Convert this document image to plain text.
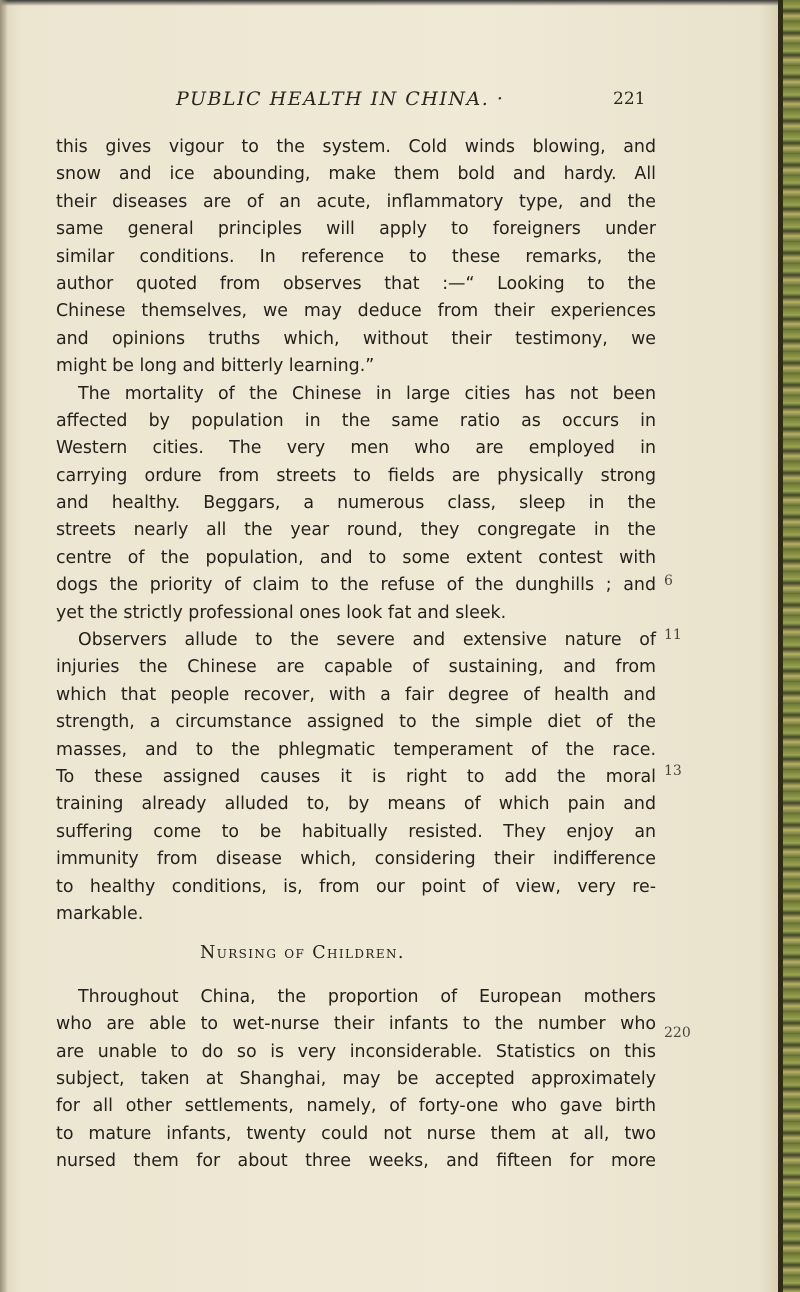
PUBLIC HEALTH IN CHINA. ·	221
this gives vigour to the system. Cold winds blowing, and
snow and ice abounding, make them bold and hardy. All
their diseases are of an acute, inflammatory type, and the
same general principles will apply to foreigners under
similar conditions. In reference to these remarks, the
author quoted from observes that :—“ Looking to the
Chinese themselves, we may deduce from their experiences
and opinions truths which, without their testimony, we
might be long and bitterly learning.”
The mortality of the Chinese in large cities has not been
affected by population in the same ratio as occurs in
Western cities. The very men who are employed in
carrying ordure from streets to fields are physically strong
and healthy. Beggars, a numerous class, sleep in the
streets nearly all the year round, they congregate in the
centre of the population, and to some extent contest with
dogs the priority of claim to the refuse of the dunghills ; and
yet the strictly professional ones look fat and sleek.
Observers allude to the severe and extensive nature of
injuries the Chinese are capable of sustaining, and from
which that people recover, with a fair degree of health and
strength, a circumstance assigned to the simple diet of the
masses, and to the phlegmatic temperament of the race.
To these assigned causes it is right to add the moral
training already alluded to, by means of which pain and
suffering come to be habitually resisted. They enjoy an
immunity from disease which, considering their indifference
to healthy conditions, is, from our point of view, very re-
markable.
Nursing of Children.
Throughout China, the proportion of European mothers
who are able to wet-nurse their infants to the number who
are unable to do so is very inconsiderable. Statistics on this
subject, taken at Shanghai, may be accepted approximately
for all other settlements, namely, of forty-one who gave birth
to mature infants, twenty could not nurse them at all, two
nursed them for about three weeks, and fifteen for more
6
11
13
220
